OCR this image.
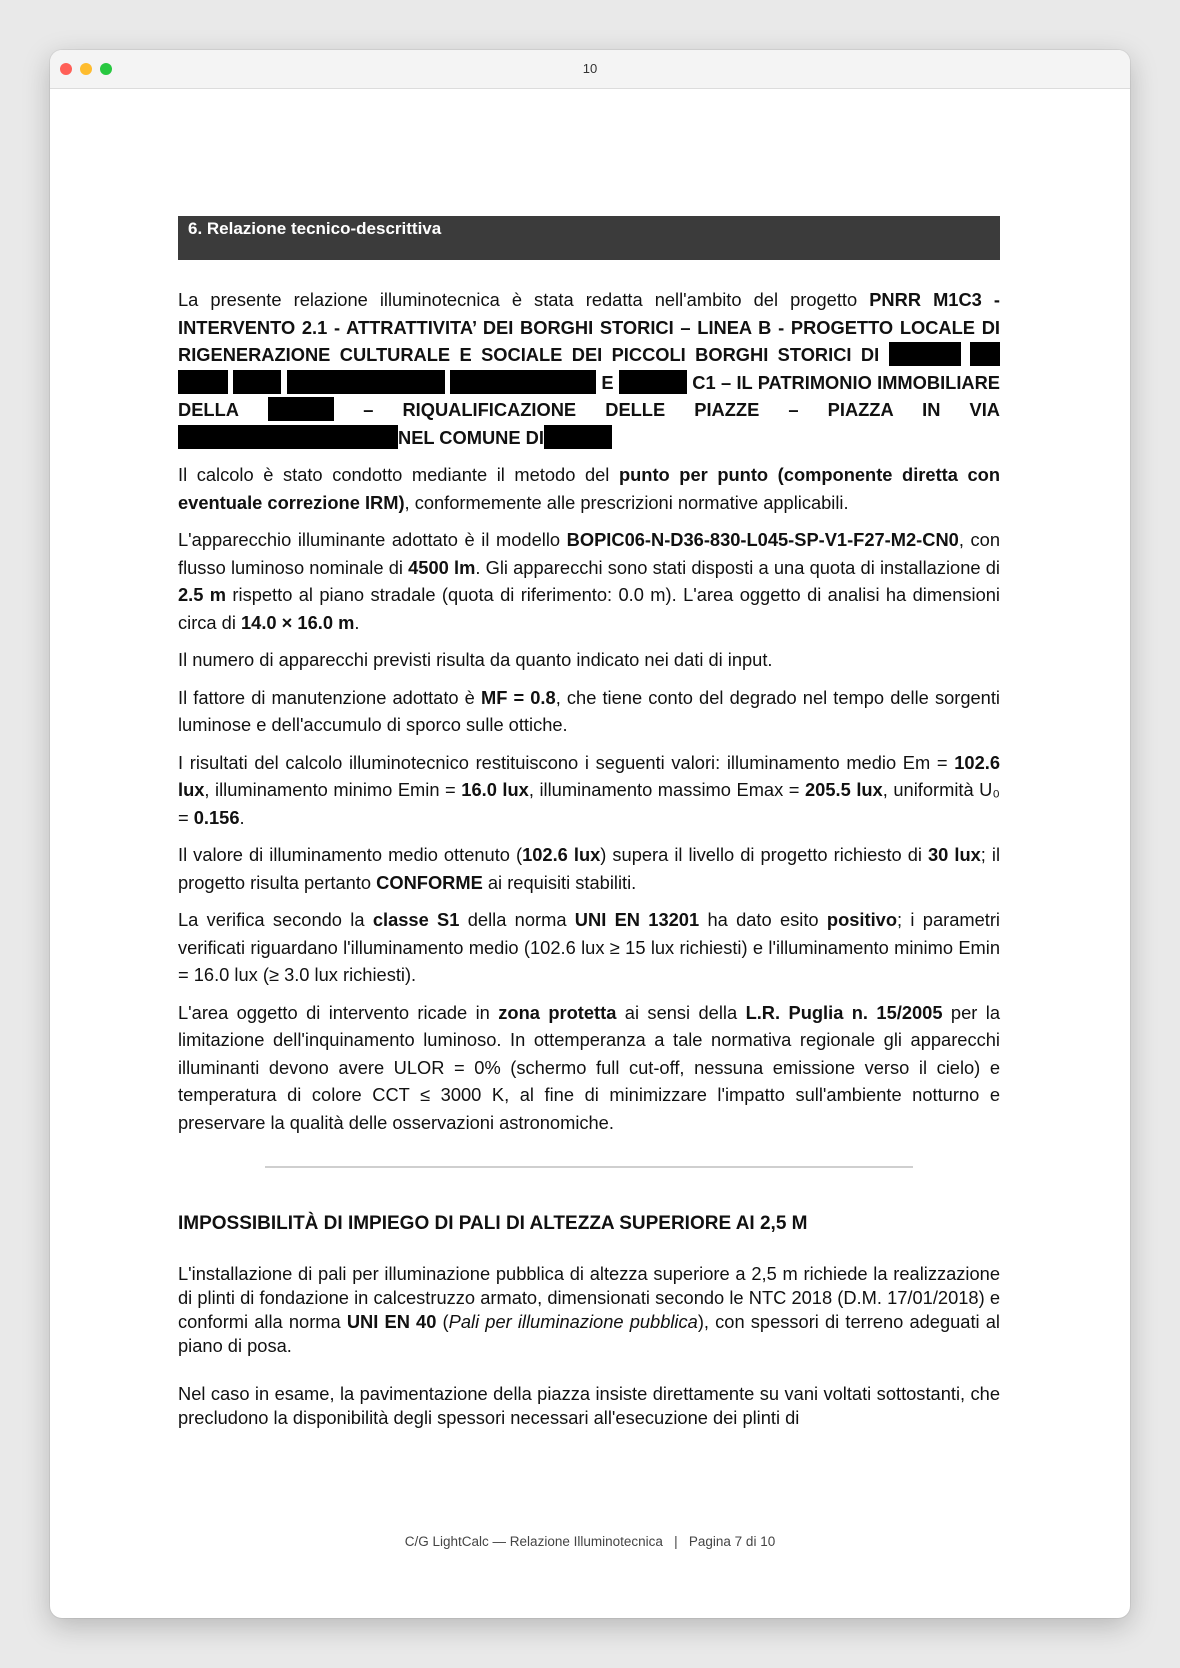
10
6. Relazione tecnico-descrittiva

La presente relazione illuminotecnica è stata redatta nell'ambito del progetto PNRR M1C3 - INTERVENTO 2.1 - ATTRATTIVITA’ DEI BORGHI STORICI – LINEA B - PROGETTO LOCALE DI RIGENERAZIONE CULTURALE E SOCIALE DEI PICCOLI BORGHI STORICI DI       E	C1 – IL PATRIMONIO IMMOBILIARE DELLA	– RIQUALIFICAZIONE DELLE PIAZZE – PIAZZA IN VIANEL COMUNE DI

Il calcolo è stato condotto mediante il metodo del punto per punto (componente diretta con eventuale correzione IRM), conformemente alle prescrizioni normative applicabili.

L'apparecchio illuminante adottato è il modello BOPIC06-N-D36-830-L045-SP-V1-F27-M2-CN0, con flusso luminoso nominale di 4500 lm. Gli apparecchi sono stati disposti a una quota di installazione di 2.5 m rispetto al piano stradale (quota di riferimento: 0.0 m). L'area oggetto di analisi ha dimensioni circa di 14.0 × 16.0 m.

Il numero di apparecchi previsti risulta da quanto indicato nei dati di input.

Il fattore di manutenzione adottato è MF = 0.8, che tiene conto del degrado nel tempo delle sorgenti luminose e dell'accumulo di sporco sulle ottiche.

I risultati del calcolo illuminotecnico restituiscono i seguenti valori: illuminamento medio Em = 102.6 lux, illuminamento minimo Emin = 16.0 lux, illuminamento massimo Emax = 205.5 lux, uniformità U₀ = 0.156.

Il valore di illuminamento medio ottenuto (102.6 lux) supera il livello di progetto richiesto di 30 lux; il progetto risulta pertanto CONFORME ai requisiti stabiliti.

La verifica secondo la classe S1 della norma UNI EN 13201 ha dato esito positivo; i parametri verificati riguardano l'illuminamento medio (102.6 lux ≥ 15 lux richiesti) e l'illuminamento minimo Emin = 16.0 lux (≥ 3.0 lux richiesti).

L'area oggetto di intervento ricade in zona protetta ai sensi della L.R. Puglia n. 15/2005 per la limitazione dell'inquinamento luminoso. In ottemperanza a tale normativa regionale gli apparecchi illuminanti devono avere ULOR = 0% (schermo full cut-off, nessuna emissione verso il cielo) e temperatura di colore CCT ≤ 3000 K, al fine di minimizzare l'impatto sull'ambiente notturno e preservare la qualità delle osservazioni astronomiche.

IMPOSSIBILITÀ DI IMPIEGO DI PALI DI ALTEZZA SUPERIORE AI 2,5 M

L'installazione di pali per illuminazione pubblica di altezza superiore a 2,5 m richiede la realizzazione di plinti di fondazione in calcestruzzo armato, dimensionati secondo le NTC 2018 (D.M. 17/01/2018) e conformi alla norma UNI EN 40 (Pali per illuminazione pubblica), con spessori di terreno adeguati al piano di posa.

Nel caso in esame, la pavimentazione della piazza insiste direttamente su vani voltati sottostanti, che precludono la disponibilità degli spessori necessari all'esecuzione dei plinti di

C/G LightCalc — Relazione Illuminotecnica   |   Pagina 7 di 10
